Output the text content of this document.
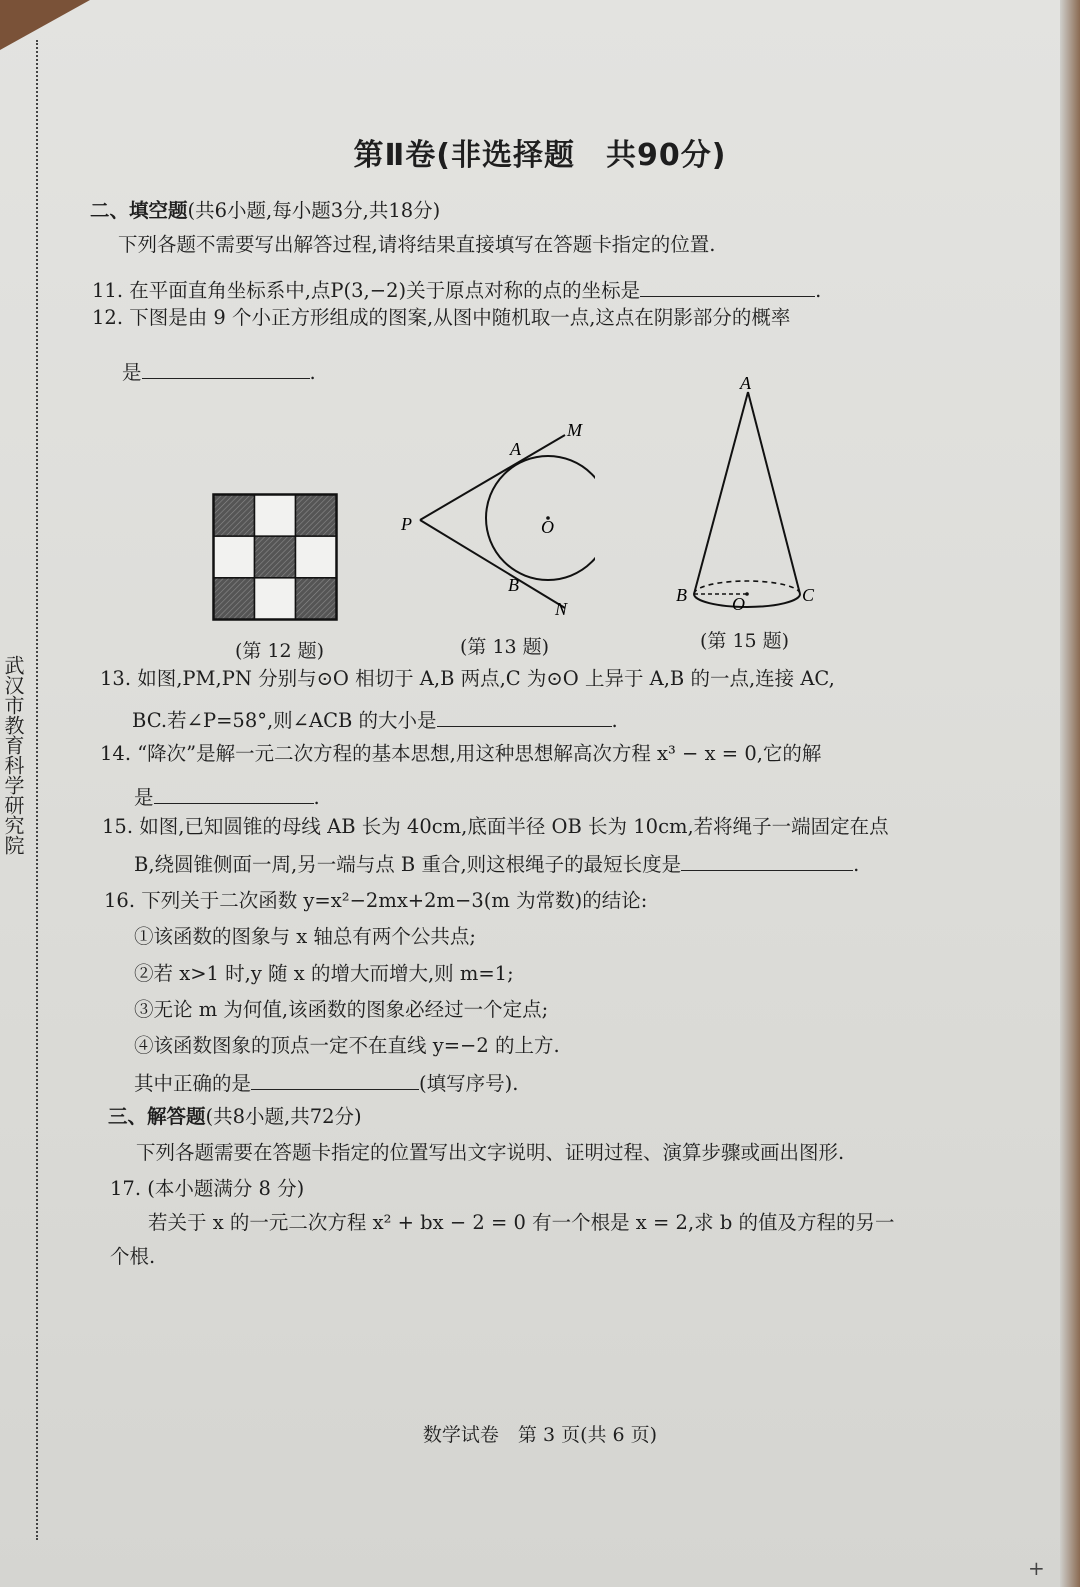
武汉市教育科学研究院
第Ⅱ卷(非选择题　共90分)
二、填空题(共6小题,每小题3分,共18分)
下列各题不需要写出解答过程,请将结果直接填写在答题卡指定的位置.
11. 在平面直角坐标系中,点P(3,−2)关于原点对称的点的坐标是	.
12. 下图是由 9 个小正方形组成的图案,从图中随机取一点,这点在阴影部分的概率
是	.
(第 12 题)
A
M
P	O
B
N
(第 13 题)
A
B	O	C
(第 15 题)
13. 如图,PM,PN 分别与⊙O 相切于 A,B 两点,C 为⊙O 上异于 A,B 的一点,连接 AC,
BC.若∠P=58°,则∠ACB 的大小是	.
14. “降次”是解一元二次方程的基本思想,用这种思想解高次方程 x³ − x = 0,它的解
是	.
15. 如图,已知圆锥的母线 AB 长为 40cm,底面半径 OB 长为 10cm,若将绳子一端固定在点
B,绕圆锥侧面一周,另一端与点 B 重合,则这根绳子的最短长度是	.
16. 下列关于二次函数 y=x²−2mx+2m−3(m 为常数)的结论:
①该函数的图象与 x 轴总有两个公共点;
②若 x>1 时,y 随 x 的增大而增大,则 m=1;
③无论 m 为何值,该函数的图象必经过一个定点;
④该函数图象的顶点一定不在直线 y=−2 的上方.
其中正确的是	(填写序号).
三、解答题(共8小题,共72分)
下列各题需要在答题卡指定的位置写出文字说明、证明过程、演算步骤或画出图形.
17. (本小题满分 8 分)
若关于 x 的一元二次方程 x² + bx − 2 = 0 有一个根是 x = 2,求 b 的值及方程的另一
个根.
数学试卷　第 3 页(共 6 页)
+
